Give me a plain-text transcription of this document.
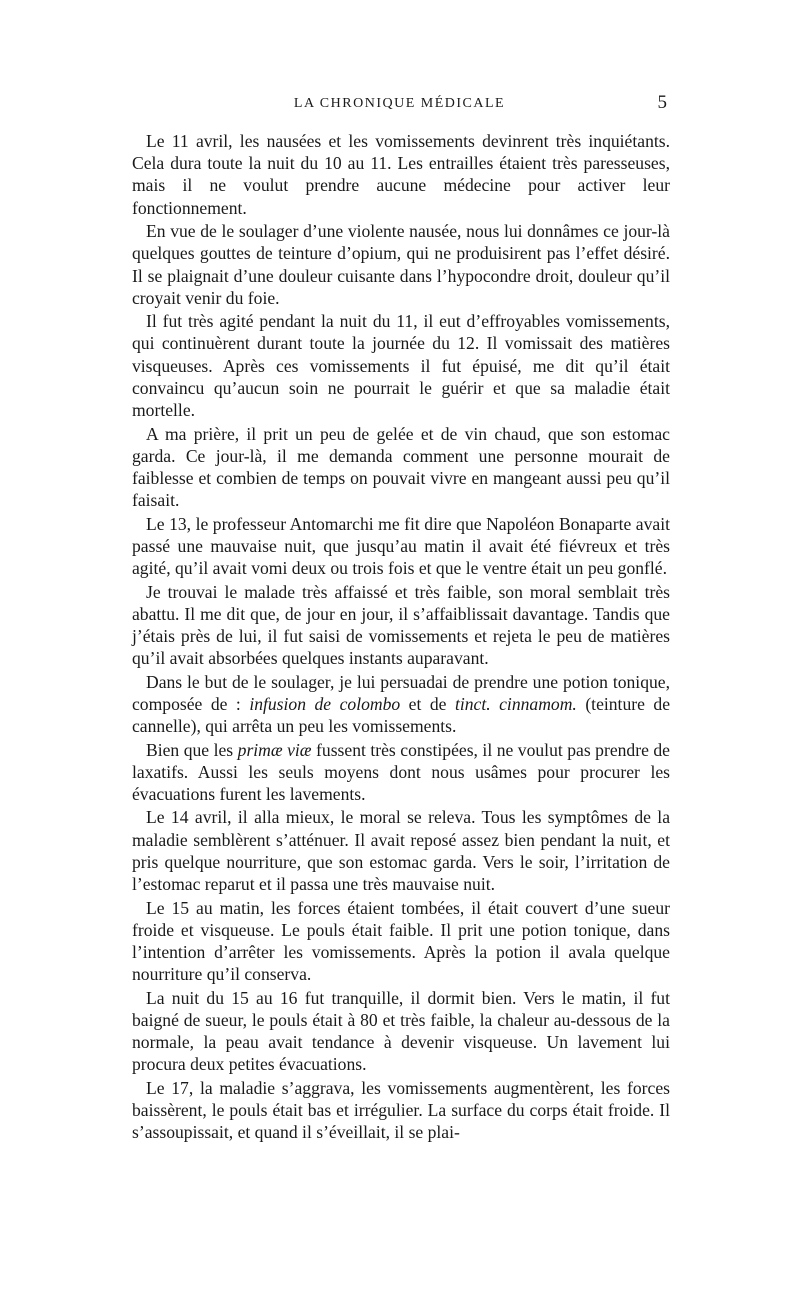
LA CHRONIQUE MÉDICALE	5

Le 11 avril, les nausées et les vomissements devinrent très inquiétants. Cela dura toute la nuit du 10 au 11. Les entrailles étaient très paresseuses, mais il ne voulut prendre aucune médecine pour activer leur fonctionnement.

En vue de le soulager d’une violente nausée, nous lui donnâmes ce jour-là quelques gouttes de teinture d’opium, qui ne produisirent pas l’effet désiré. Il se plaignait d’une douleur cuisante dans l’hypocondre droit, douleur qu’il croyait venir du foie.

Il fut très agité pendant la nuit du 11, il eut d’effroyables vomissements, qui continuèrent durant toute la journée du 12. Il vomissait des matières visqueuses. Après ces vomissements il fut épuisé, me dit qu’il était convaincu qu’aucun soin ne pourrait le guérir et que sa maladie était mortelle.

A ma prière, il prit un peu de gelée et de vin chaud, que son estomac garda. Ce jour-là, il me demanda comment une personne mourait de faiblesse et combien de temps on pouvait vivre en mangeant aussi peu qu’il faisait.

Le 13, le professeur Antomarchi me fit dire que Napoléon Bonaparte avait passé une mauvaise nuit, que jusqu’au matin il avait été fiévreux et très agité, qu’il avait vomi deux ou trois fois et que le ventre était un peu gonflé.

Je trouvai le malade très affaissé et très faible, son moral semblait très abattu. Il me dit que, de jour en jour, il s’affaiblissait davantage. Tandis que j’étais près de lui, il fut saisi de vomissements et rejeta le peu de matières qu’il avait absorbées quelques instants auparavant.

Dans le but de le soulager, je lui persuadai de prendre une potion tonique, composée de : infusion de colombo et de tinct. cinnamom. (teinture de cannelle), qui arrêta un peu les vomissements.

Bien que les primæ viæ fussent très constipées, il ne voulut pas prendre de laxatifs. Aussi les seuls moyens dont nous usâmes pour procurer les évacuations furent les lavements.

Le 14 avril, il alla mieux, le moral se releva. Tous les symptômes de la maladie semblèrent s’atténuer. Il avait reposé assez bien pendant la nuit, et pris quelque nourriture, que son estomac garda. Vers le soir, l’irritation de l’estomac reparut et il passa une très mauvaise nuit.

Le 15 au matin, les forces étaient tombées, il était couvert d’une sueur froide et visqueuse. Le pouls était faible. Il prit une potion tonique, dans l’intention d’arrêter les vomissements. Après la potion il avala quelque nourriture qu’il conserva.

La nuit du 15 au 16 fut tranquille, il dormit bien. Vers le matin, il fut baigné de sueur, le pouls était à 80 et très faible, la chaleur au-dessous de la normale, la peau avait tendance à devenir visqueuse. Un lavement lui procura deux petites évacuations.

Le 17, la maladie s’aggrava, les vomissements augmentèrent, les forces baissèrent, le pouls était bas et irrégulier. La surface du corps était froide. Il s’assoupissait, et quand il s’éveillait, il se plai-
